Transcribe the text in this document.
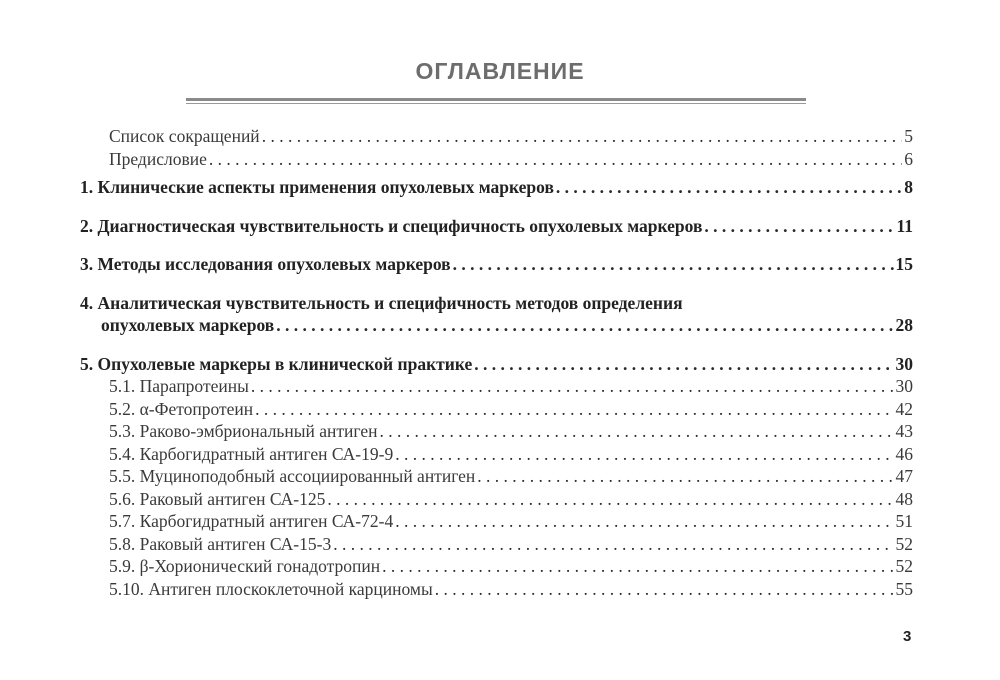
ОГЛАВЛЕНИЕ
Список сокращений . . .	5
Предисловие . . .	6
1. Клинические аспекты применения опухолевых маркеров . . .	8
2. Диагностическая чувствительность и специфичность опухолевых маркеров . . .	11
3. Методы исследования опухолевых маркеров . . .	15
4. Аналитическая чувствительность и специфичность методов определения
опухолевых маркеров . . .	28
5. Опухолевые маркеры в клинической практике . . .	30
5.1. Парапротеины . . .	30
5.2. α-Фетопротеин . . .	42
5.3. Раково-эмбриональный антиген . . .	43
5.4. Карбогидратный антиген СА-19-9 . . .	46
5.5. Муциноподобный ассоциированный антиген . . .	47
5.6. Раковый антиген СА-125 . . .	48
5.7. Карбогидратный антиген СА-72-4 . . .	51
5.8. Раковый антиген СА-15-3 . . .	52
5.9. β-Хорионический гонадотропин . . .	52
5.10. Антиген плоскоклеточной карциномы . . .	55
3
